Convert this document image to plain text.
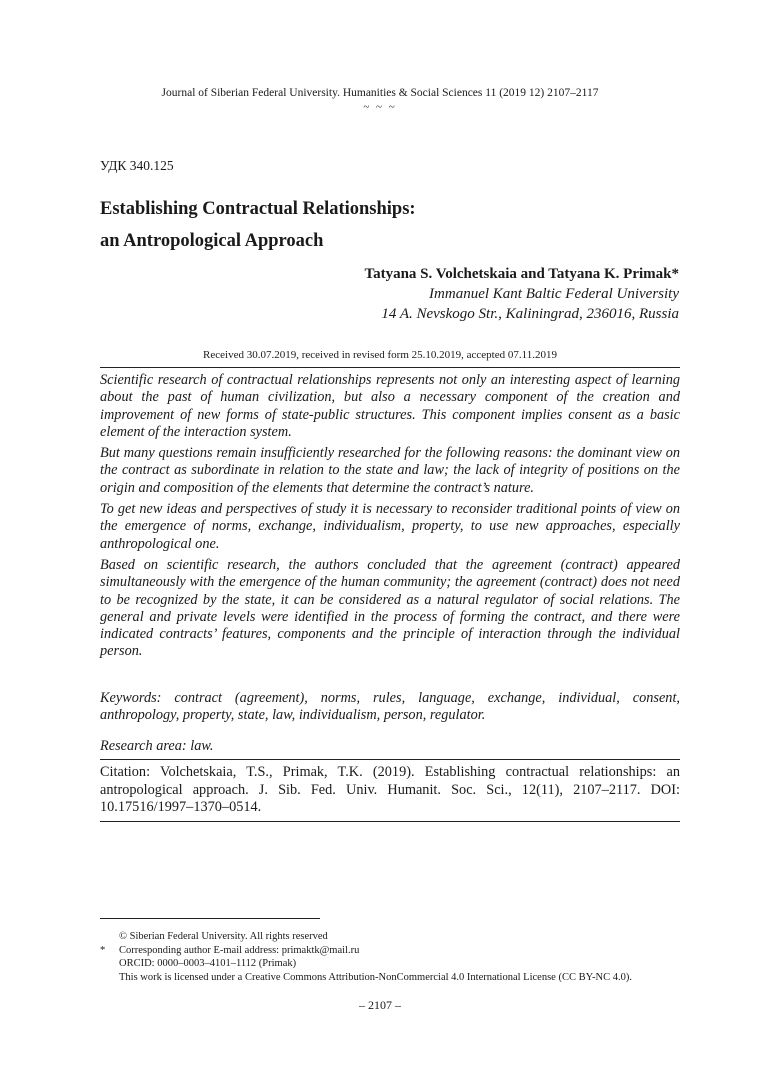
Journal of Siberian Federal University. Humanities & Social Sciences 11 (2019 12) 2107–2117
~ ~ ~
УДК 340.125
Establishing Contractual Relationships:
an Antropological Approach
Tatyana S. Volchetskaia and Tatyana K. Primak*
Immanuel Kant Baltic Federal University
14 A. Nevskogo Str., Kaliningrad, 236016, Russia
Received 30.07.2019, received in revised form 25.10.2019, accepted 07.11.2019

Scientific research of contractual relationships represents not only an interesting aspect of learning about the past of human civilization, but also a necessary component of the creation and improvement of new forms of state-public structures. This component implies consent as a basic element of the interaction system.

But many questions remain insufficiently researched for the following reasons: the dominant view on the contract as subordinate in relation to the state and law; the lack of integrity of positions on the origin and composition of the elements that determine the contract’s nature.

To get new ideas and perspectives of study it is necessary to reconsider traditional points of view on the emergence of norms, exchange, individualism, property, to use new approaches, especially anthropological one.

Based on scientific research, the authors concluded that the agreement (contract) appeared simultaneously with the emergence of the human community; the agreement (contract) does not need to be recognized by the state, it can be considered as a natural regulator of social relations. The general and private levels were identified in the process of forming the contract, and there were indicated contracts’ features, components and the principle of interaction through the individual person.

Keywords: contract (agreement), norms, rules, language, exchange, individual, consent, anthropology, property, state, law, individualism, person, regulator.
Research area: law.
Citation: Volchetskaia, T.S., Primak, T.K. (2019). Establishing contractual relationships: an antropological approach. J. Sib. Fed. Univ. Humanit. Soc. Sci., 12(11), 2107–2117. DOI: 10.17516/1997–1370–0514.
© Siberian Federal University. All rights reserved
* Corresponding author E-mail address: primaktk@mail.ru
ORCID: 0000–0003–4101–1112 (Primak)
This work is licensed under a Creative Commons Attribution-NonCommercial 4.0 International License (CC BY-NC 4.0).
– 2107 –
